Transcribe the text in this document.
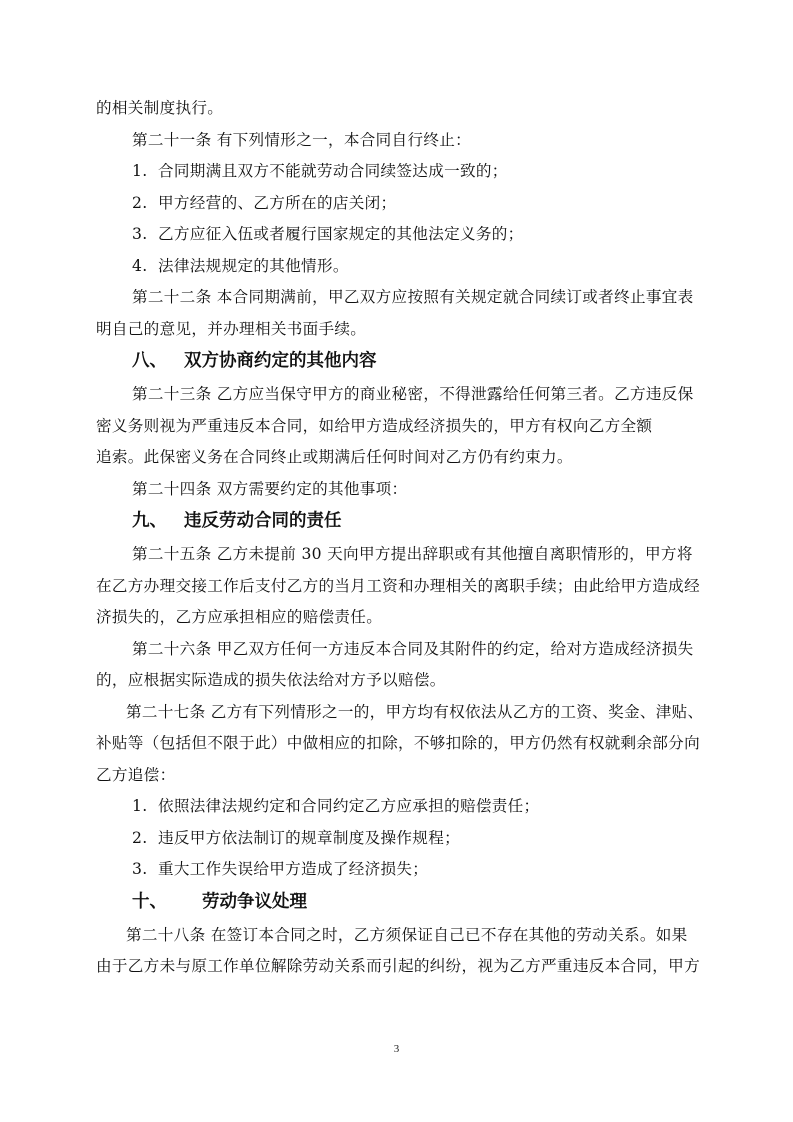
的相关制度执行。
第二十一条 有下列情形之一，本合同自行终止：
1. 合同期满且双方不能就劳动合同续签达成一致的；
2. 甲方经营的、乙方所在的店关闭；
3. 乙方应征入伍或者履行国家规定的其他法定义务的；
4. 法律法规规定的其他情形。
第二十二条 本合同期满前，甲乙双方应按照有关规定就合同续订或者终止事宜表
明自己的意见，并办理相关书面手续。
八、 双方协商约定的其他内容
第二十三条 乙方应当保守甲方的商业秘密，不得泄露给任何第三者。乙方违反保
密义务则视为严重违反本合同，如给甲方造成经济损失的，甲方有权向乙方全额
追索。此保密义务在合同终止或期满后任何时间对乙方仍有约束力。
第二十四条 双方需要约定的其他事项：
九、 违反劳动合同的责任
第二十五条 乙方未提前 30 天向甲方提出辞职或有其他擅自离职情形的，甲方将
在乙方办理交接工作后支付乙方的当月工资和办理相关的离职手续；由此给甲方造成经
济损失的，乙方应承担相应的赔偿责任。
第二十六条 甲乙双方任何一方违反本合同及其附件的约定，给对方造成经济损失
的，应根据实际造成的损失依法给对方予以赔偿。
第二十七条 乙方有下列情形之一的，甲方均有权依法从乙方的工资、奖金、津贴、
补贴等（包括但不限于此）中做相应的扣除，不够扣除的，甲方仍然有权就剩余部分向
乙方追偿：
1. 依照法律法规约定和合同约定乙方应承担的赔偿责任；
2. 违反甲方依法制订的规章制度及操作规程；
3. 重大工作失误给甲方造成了经济损失；
十、 劳动争议处理
第二十八条 在签订本合同之时，乙方须保证自己已不存在其他的劳动关系。如果
由于乙方未与原工作单位解除劳动关系而引起的纠纷，视为乙方严重违反本合同，甲方
3
